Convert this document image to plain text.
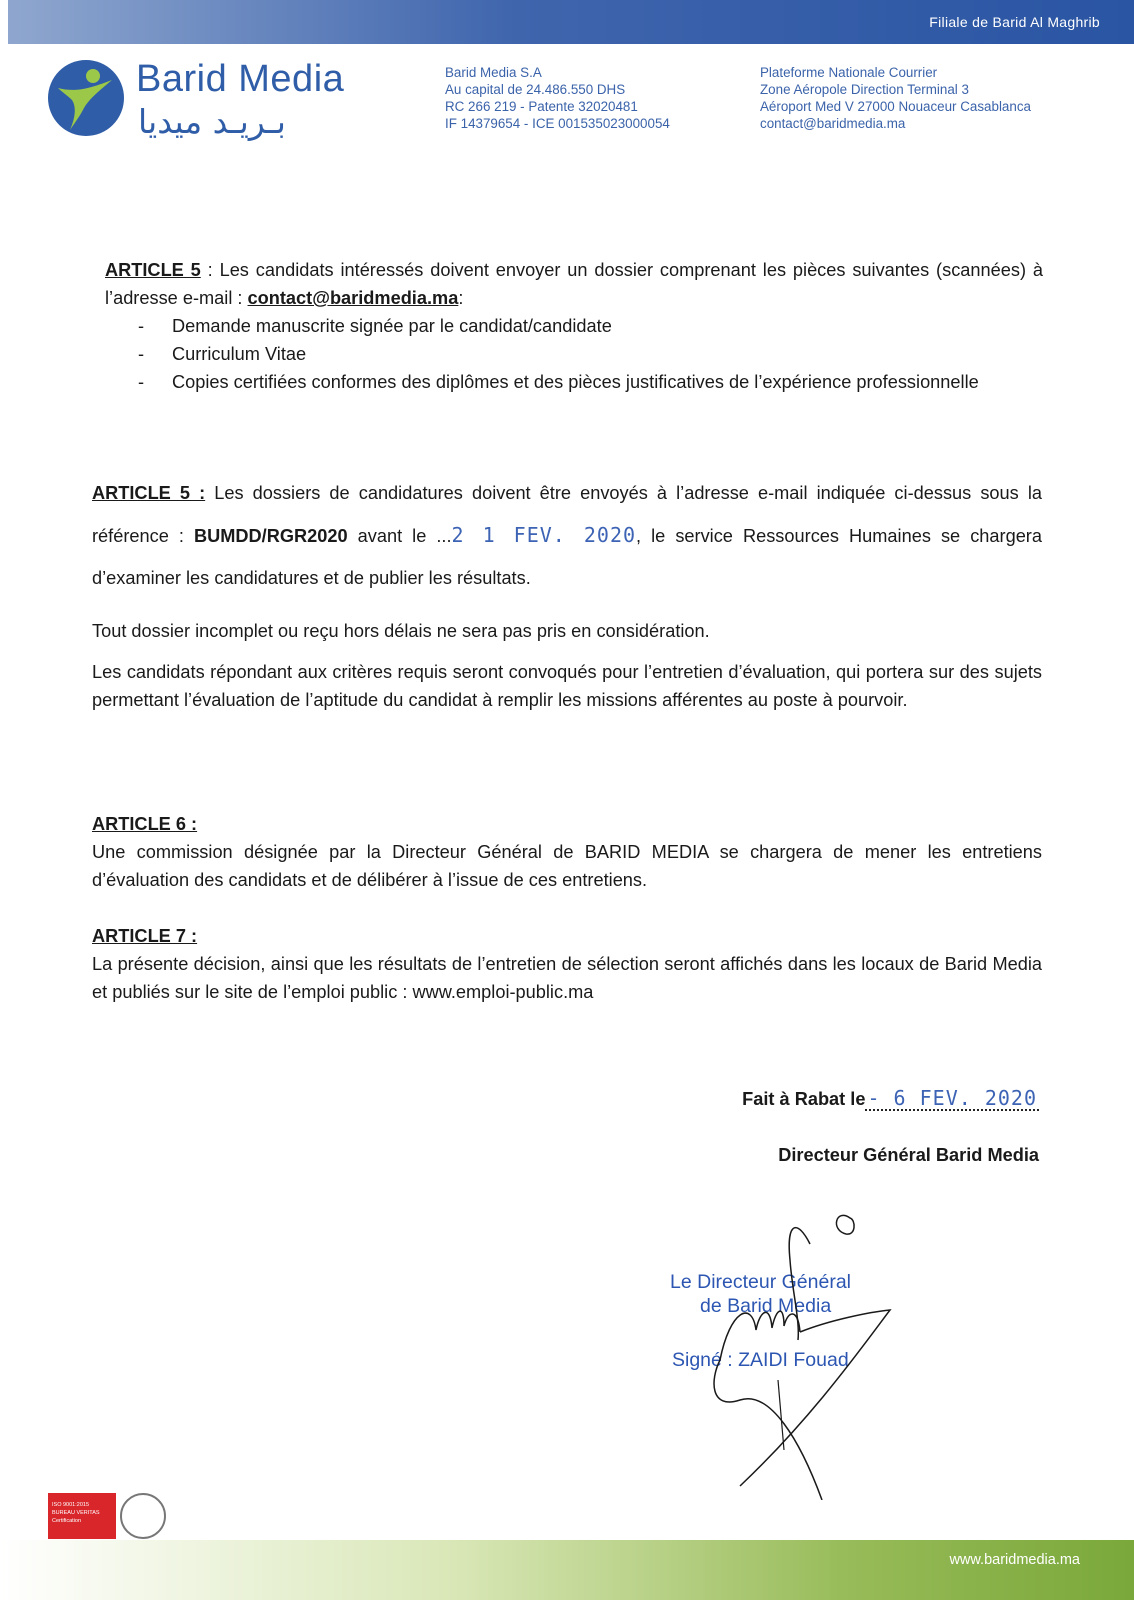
Filiale de Barid Al Maghrib
Barid Media
بـريـد ميديا
Barid Media S.A
Au capital de 24.486.550 DHS
RC 266 219 - Patente 32020481
IF 14379654 - ICE 001535023000054
Plateforme Nationale Courrier
Zone Aéropole Direction Terminal 3
Aéroport Med V 27000 Nouaceur Casablanca
contact@baridmedia.ma
ARTICLE 5 : Les candidats intéressés doivent envoyer un dossier comprenant les pièces suivantes (scannées) à l’adresse e-mail : contact@baridmedia.ma:
- Demande manuscrite signée par le candidat/candidate
- Curriculum Vitae
- Copies certifiées conformes des diplômes et des pièces justificatives de l’expérience professionnelle
ARTICLE 5 : Les dossiers de candidatures doivent être envoyés à l’adresse e-mail indiquée ci-dessus sous la référence : BUMDD/RGR2020 avant le ...2 1 FEV. 2020, le service Ressources Humaines se chargera d’examiner les candidatures et de publier les résultats.
Tout dossier incomplet ou reçu hors délais ne sera pas pris en considération.
Les candidats répondant aux critères requis seront convoqués pour l’entretien d’évaluation, qui portera sur des sujets permettant l’évaluation de l’aptitude du candidat à remplir les missions afférentes au poste à pourvoir.
ARTICLE 6 :
Une commission désignée par la Directeur Général de BARID MEDIA se chargera de mener les entretiens d’évaluation des candidats et de délibérer à l’issue de ces entretiens.
ARTICLE 7 :
La présente décision, ainsi que les résultats de l’entretien de sélection seront affichés dans les locaux de Barid Media et publiés sur le site de l’emploi public : www.emploi-public.ma
Fait à Rabat le - 6 FEV. 2020
Directeur Général Barid Media
Le Directeur Général
de Barid Media
Signé : ZAIDI Fouad
ISO 9001:2015
BUREAU VERITAS
Certification
www.baridmedia.ma
